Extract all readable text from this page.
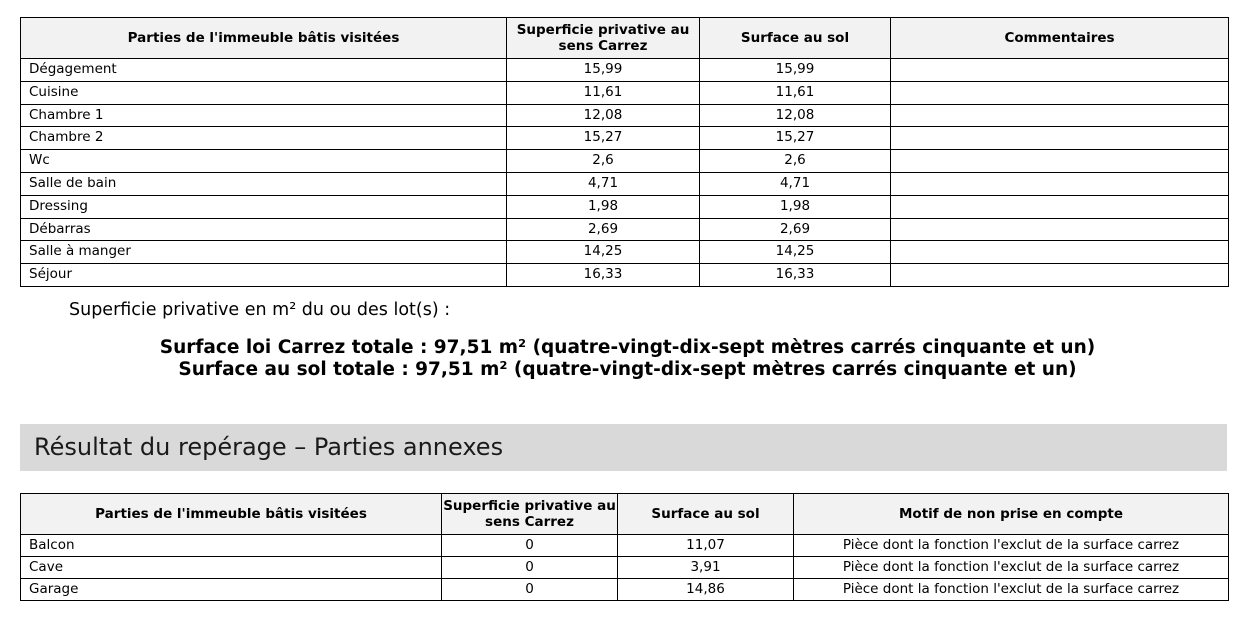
Parties de l'immeuble bâtis visitées	Superficie privative au sens Carrez	Surface au sol	Commentaires
Dégagement	15,99	15,99	
Cuisine	11,61	11,61	
Chambre 1	12,08	12,08	
Chambre 2	15,27	15,27	
Wc	2,6	2,6	
Salle de bain	4,71	4,71	
Dressing	1,98	1,98	
Débarras	2,69	2,69	
Salle à manger	14,25	14,25	
Séjour	16,33	16,33	
Superficie privative en m² du ou des lot(s) :
Surface loi Carrez totale : 97,51 m² (quatre-vingt-dix-sept mètres carrés cinquante et un)
Surface au sol totale : 97,51 m² (quatre-vingt-dix-sept mètres carrés cinquante et un)
Résultat du repérage – Parties annexes
Parties de l'immeuble bâtis visitées	Superficie privative au sens Carrez	Surface au sol	Motif de non prise en compte
Balcon	0	11,07	Pièce dont la fonction l'exclut de la surface carrez
Cave	0	3,91	Pièce dont la fonction l'exclut de la surface carrez
Garage	0	14,86	Pièce dont la fonction l'exclut de la surface carrez
